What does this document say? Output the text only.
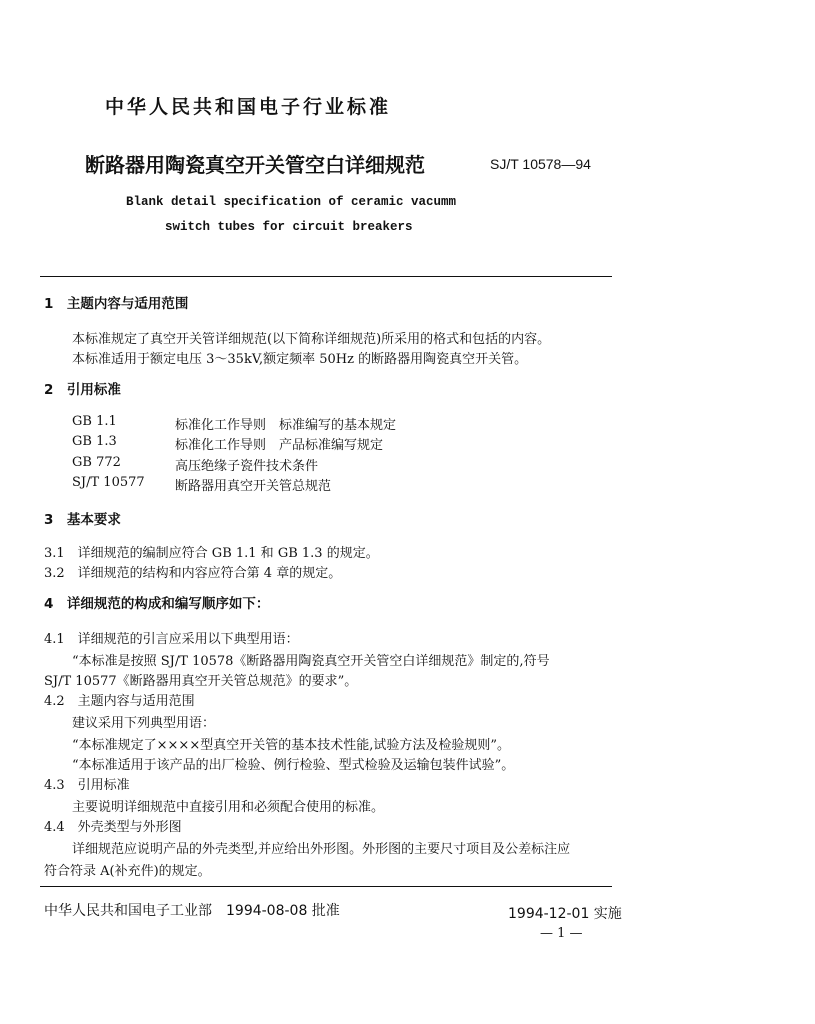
中华人民共和国电子行业标准
断路器用陶瓷真空开关管空白详细规范	SJ/T 10578—94
Blank detail specification of ceramic vacumm
switch tubes for circuit breakers
1　主题内容与适用范围
本标准规定了真空开关管详细规范(以下简称详细规范)所采用的格式和包括的内容。
本标准适用于额定电压 3～35kV,额定频率 50Hz 的断路器用陶瓷真空开关管。
2　引用标准
GB 1.1	标准化工作导则　标准编写的基本规定
GB 1.3	标准化工作导则　产品标准编写规定
GB 772	高压绝缘子瓷件技术条件
SJ/T 10577 断路器用真空开关管总规范
3　基本要求
3.1　详细规范的编制应符合 GB 1.1 和 GB 1.3 的规定。
3.2　详细规范的结构和内容应符合第 4 章的规定。
4　详细规范的构成和编写顺序如下：
4.1　详细规范的引言应采用以下典型用语：
“本标准是按照 SJ/T 10578《断路器用陶瓷真空开关管空白详细规范》制定的,符号
SJ/T 10577《断路器用真空开关管总规范》的要求”。
4.2　主题内容与适用范围
建议采用下列典型用语：
“本标准规定了××××型真空开关管的基本技术性能,试验方法及检验规则”。
“本标准适用于该产品的出厂检验、例行检验、型式检验及运输包装件试验”。
4.3　引用标准
主要说明详细规范中直接引用和必须配合使用的标准。
4.4　外壳类型与外形图
详细规范应说明产品的外壳类型,并应给出外形图。外形图的主要尺寸项目及公差标注应
符合符录 A(补充件)的规定。
中华人民共和国电子工业部　1994-08-08 批准	1994-12-01 实施
— 1 —
